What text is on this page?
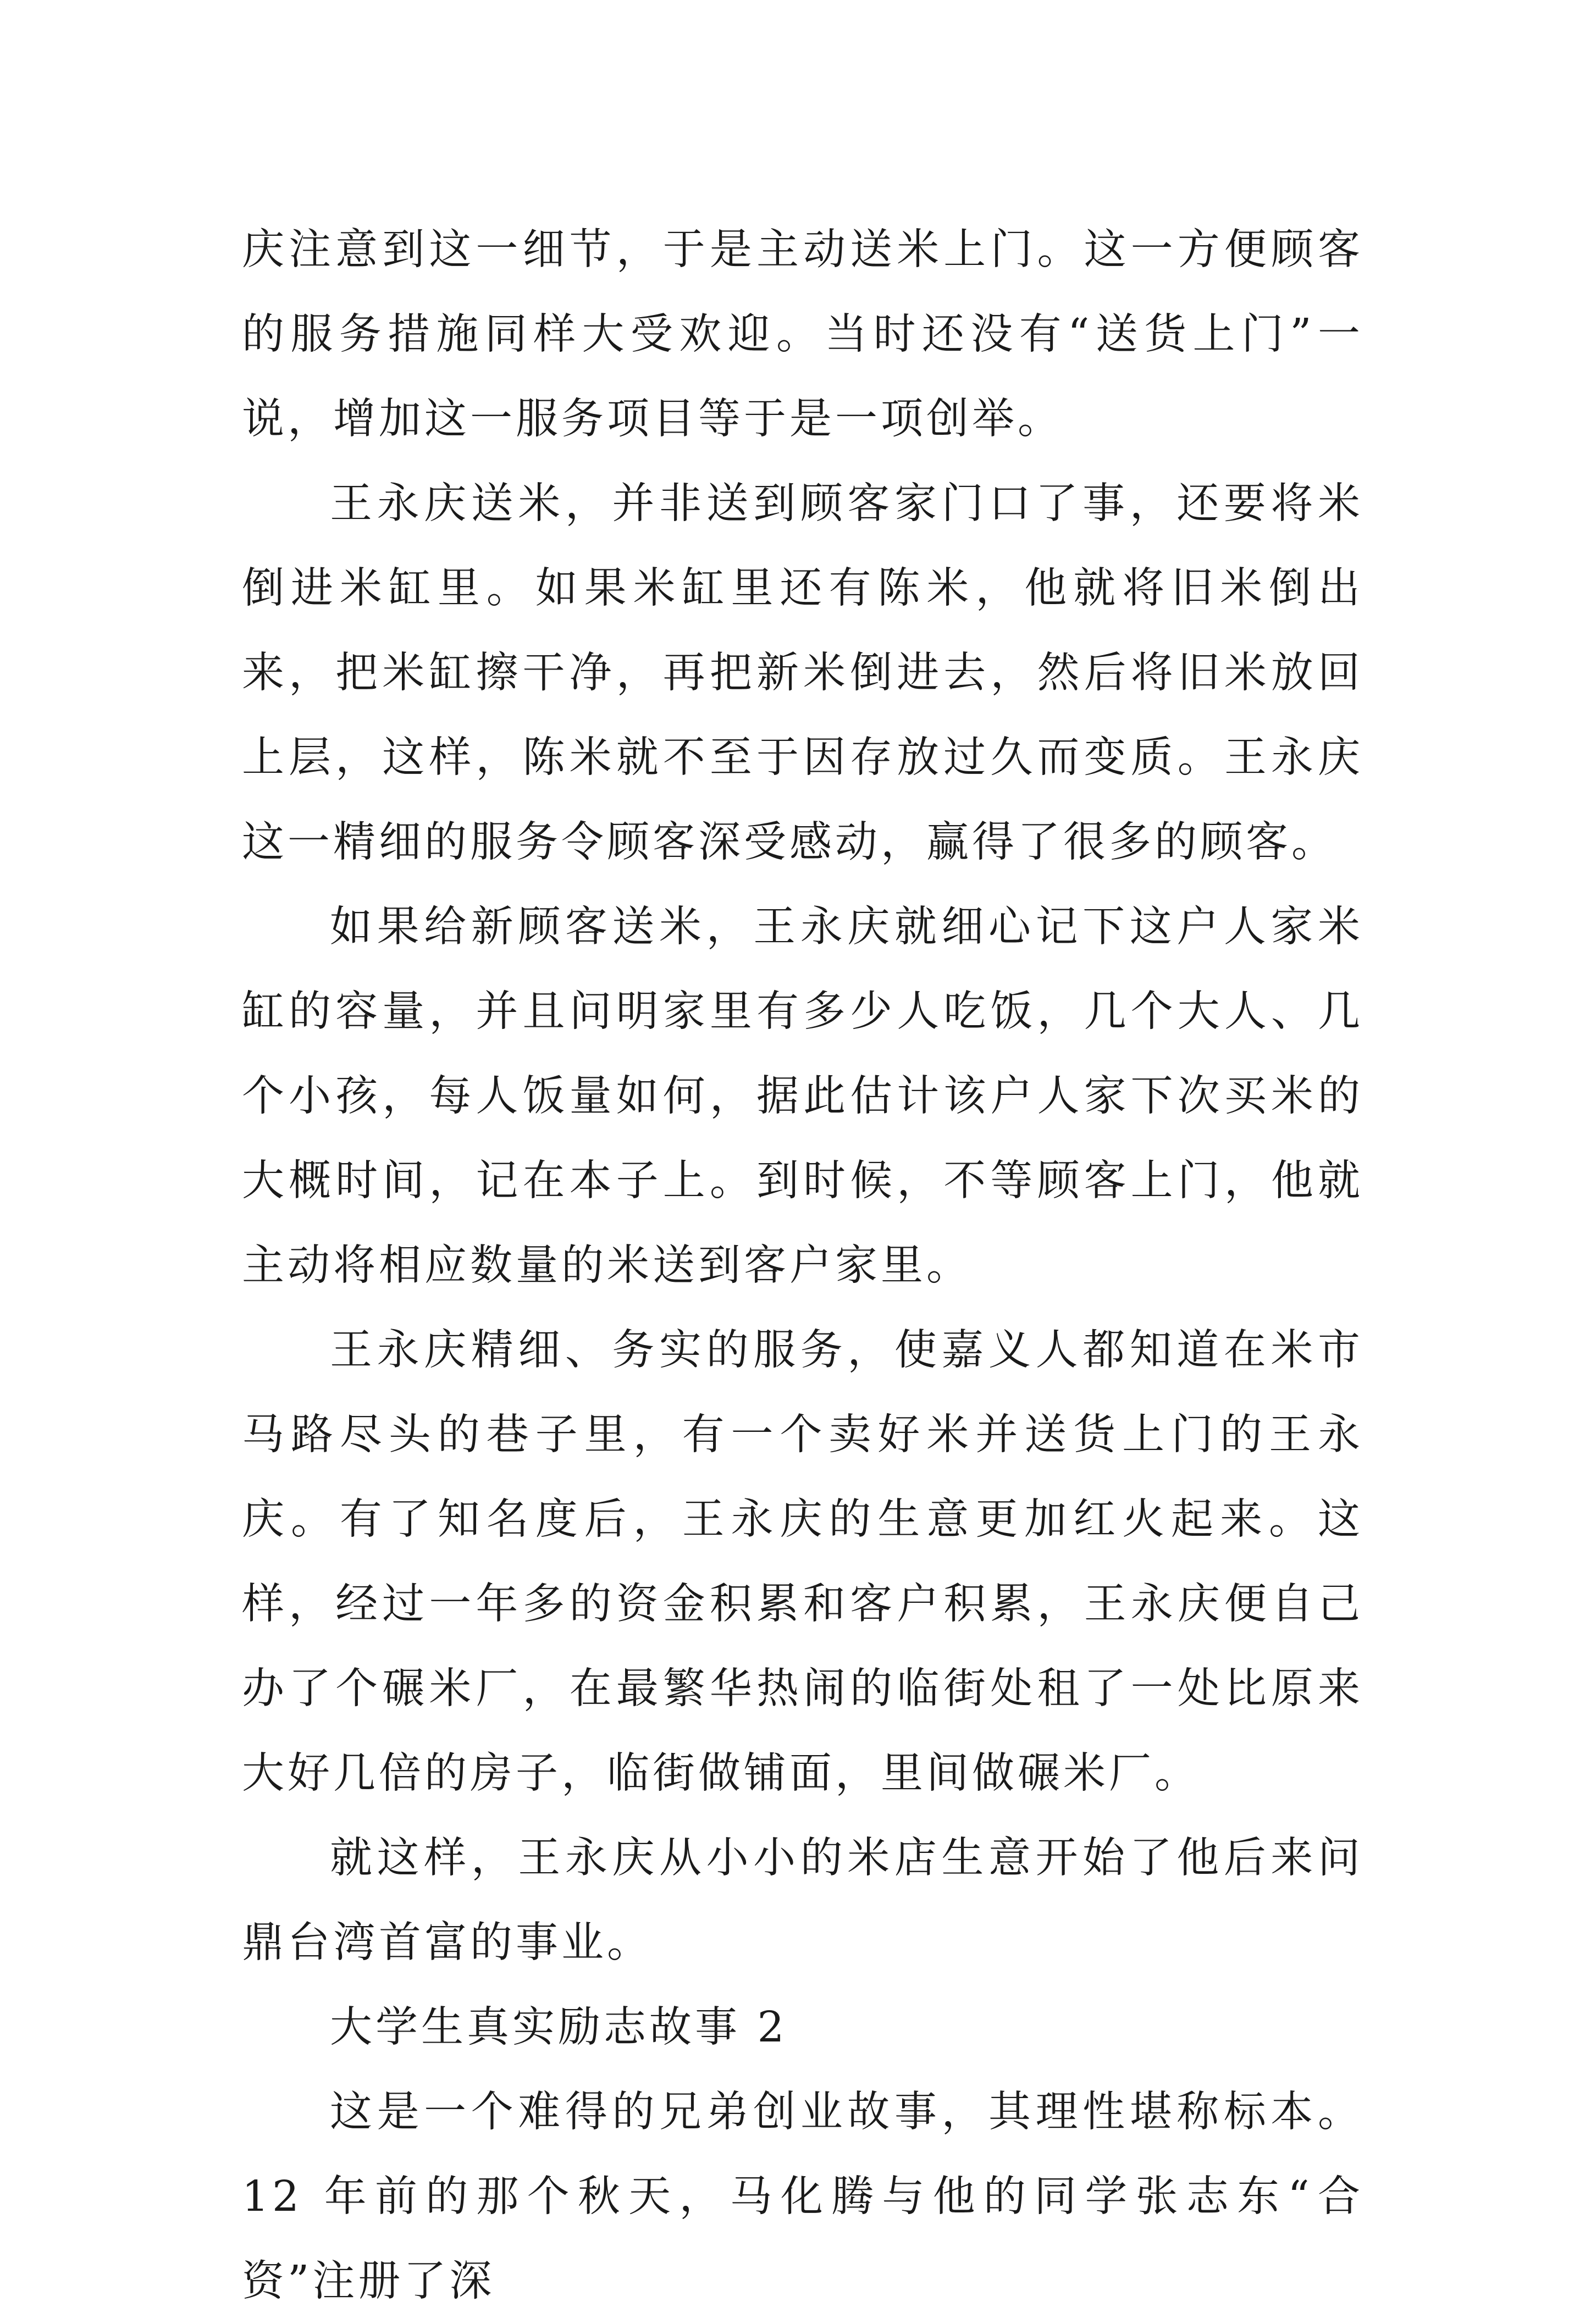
庆注意到这一细节，于是主动送米上门。这一方便顾客的服务措施同样大受欢迎。当时还没有“送货上门”一说，增加这一服务项目等于是一项创举。

王永庆送米，并非送到顾客家门口了事，还要将米倒进米缸里。如果米缸里还有陈米，他就将旧米倒出来，把米缸擦干净，再把新米倒进去，然后将旧米放回上层，这样，陈米就不至于因存放过久而变质。王永庆这一精细的服务令顾客深受感动，赢得了很多的顾客。

如果给新顾客送米，王永庆就细心记下这户人家米缸的容量，并且问明家里有多少人吃饭，几个大人、几个小孩，每人饭量如何，据此估计该户人家下次买米的大概时间，记在本子上。到时候，不等顾客上门，他就主动将相应数量的米送到客户家里。

王永庆精细、务实的服务，使嘉义人都知道在米市马路尽头的巷子里，有一个卖好米并送货上门的王永庆。有了知名度后，王永庆的生意更加红火起来。这样，经过一年多的资金积累和客户积累，王永庆便自己办了个碾米厂，在最繁华热闹的临街处租了一处比原来大好几倍的房子，临街做铺面，里间做碾米厂。

就这样，王永庆从小小的米店生意开始了他后来问鼎台湾首富的事业。

大学生真实励志故事 2

这是一个难得的兄弟创业故事，其理性堪称标本。12 年前的那个秋天，马化腾与他的同学张志东“合资”注册了深
